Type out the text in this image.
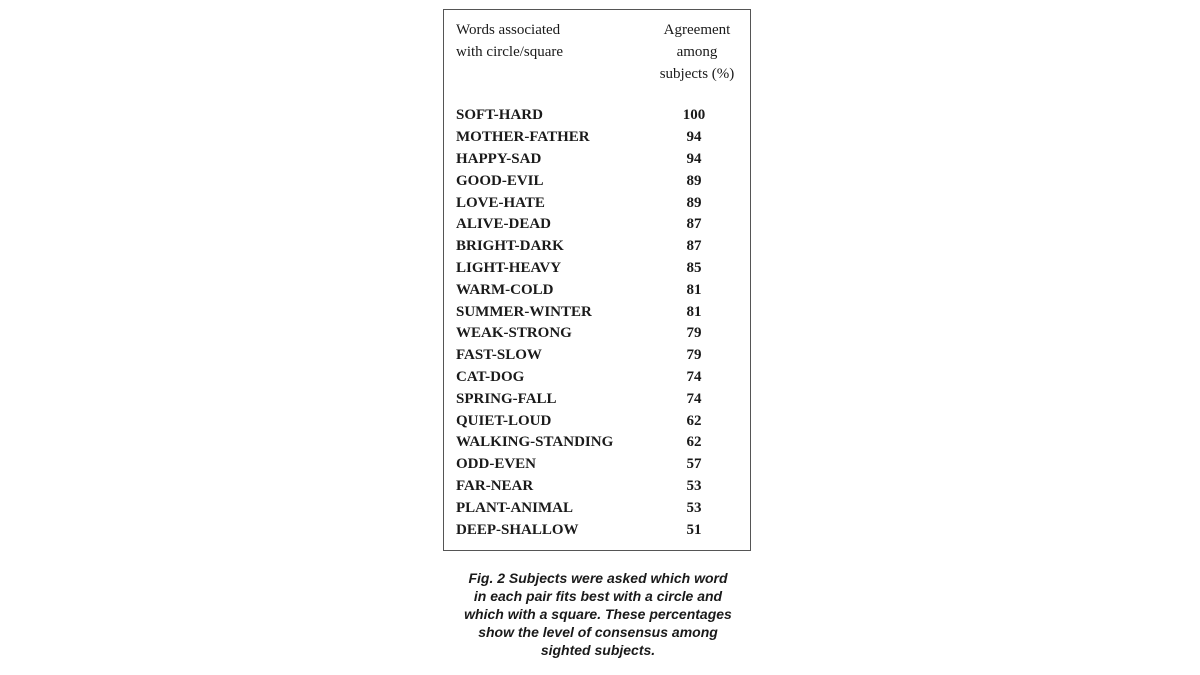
Words associated
with circle/square
Agreement
among
subjects (%)
SOFT-HARD	100
MOTHER-FATHER	94
HAPPY-SAD	94
GOOD-EVIL	89
LOVE-HATE	89
ALIVE-DEAD	87
BRIGHT-DARK	87
LIGHT-HEAVY	85
WARM-COLD	81
SUMMER-WINTER	81
WEAK-STRONG	79
FAST-SLOW	79
CAT-DOG	74
SPRING-FALL	74
QUIET-LOUD	62
WALKING-STANDING	62
ODD-EVEN	57
FAR-NEAR	53
PLANT-ANIMAL	53
DEEP-SHALLOW	51
Fig. 2 Subjects were asked which word
in each pair fits best with a circle and
which with a square. These percentages
show the level of consensus among
sighted subjects.
